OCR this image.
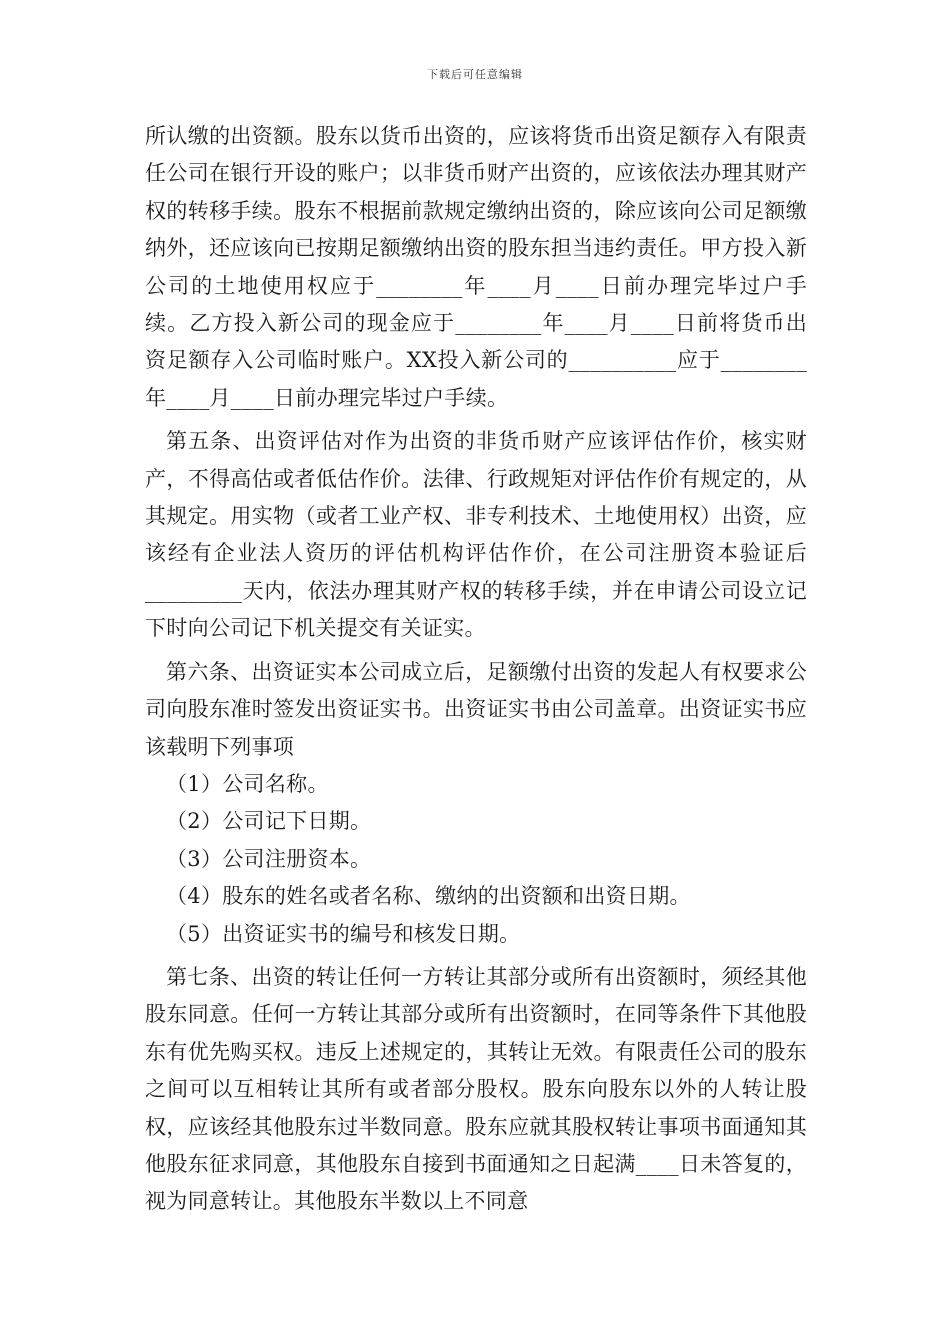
下载后可任意编辑

所认缴的出资额。股东以货币出资的，应该将货币出资足额存入有限责任公司在银行开设的账户；以非货币财产出资的，应该依法办理其财产权的转移手续。股东不根据前款规定缴纳出资的，除应该向公司足额缴纳外，还应该向已按期足额缴纳出资的股东担当违约责任。甲方投入新公司的土地使用权应于________年____月____日前办理完毕过户手续。乙方投入新公司的现金应于________年____月____日前将货币出资足额存入公司临时账户。XX投入新公司的__________应于________年____月____日前办理完毕过户手续。

第五条、出资评估对作为出资的非货币财产应该评估作价，核实财产，不得高估或者低估作价。法律、行政规矩对评估作价有规定的，从其规定。用实物（或者工业产权、非专利技术、土地使用权）出资，应该经有企业法人资历的评估机构评估作价，在公司注册资本验证后_________天内，依法办理其财产权的转移手续，并在申请公司设立记下时向公司记下机关提交有关证实。

第六条、出资证实本公司成立后，足额缴付出资的发起人有权要求公司向股东准时签发出资证实书。出资证实书由公司盖章。出资证实书应该载明下列事项

（1）公司名称。

（2）公司记下日期。

（3）公司注册资本。

（4）股东的姓名或者名称、缴纳的出资额和出资日期。

（5）出资证实书的编号和核发日期。

第七条、出资的转让任何一方转让其部分或所有出资额时，须经其他股东同意。任何一方转让其部分或所有出资额时，在同等条件下其他股东有优先购买权。违反上述规定的，其转让无效。有限责任公司的股东之间可以互相转让其所有或者部分股权。股东向股东以外的人转让股权，应该经其他股东过半数同意。股东应就其股权转让事项书面通知其他股东征求同意，其他股东自接到书面通知之日起满____日未答复的，视为同意转让。其他股东半数以上不同意
